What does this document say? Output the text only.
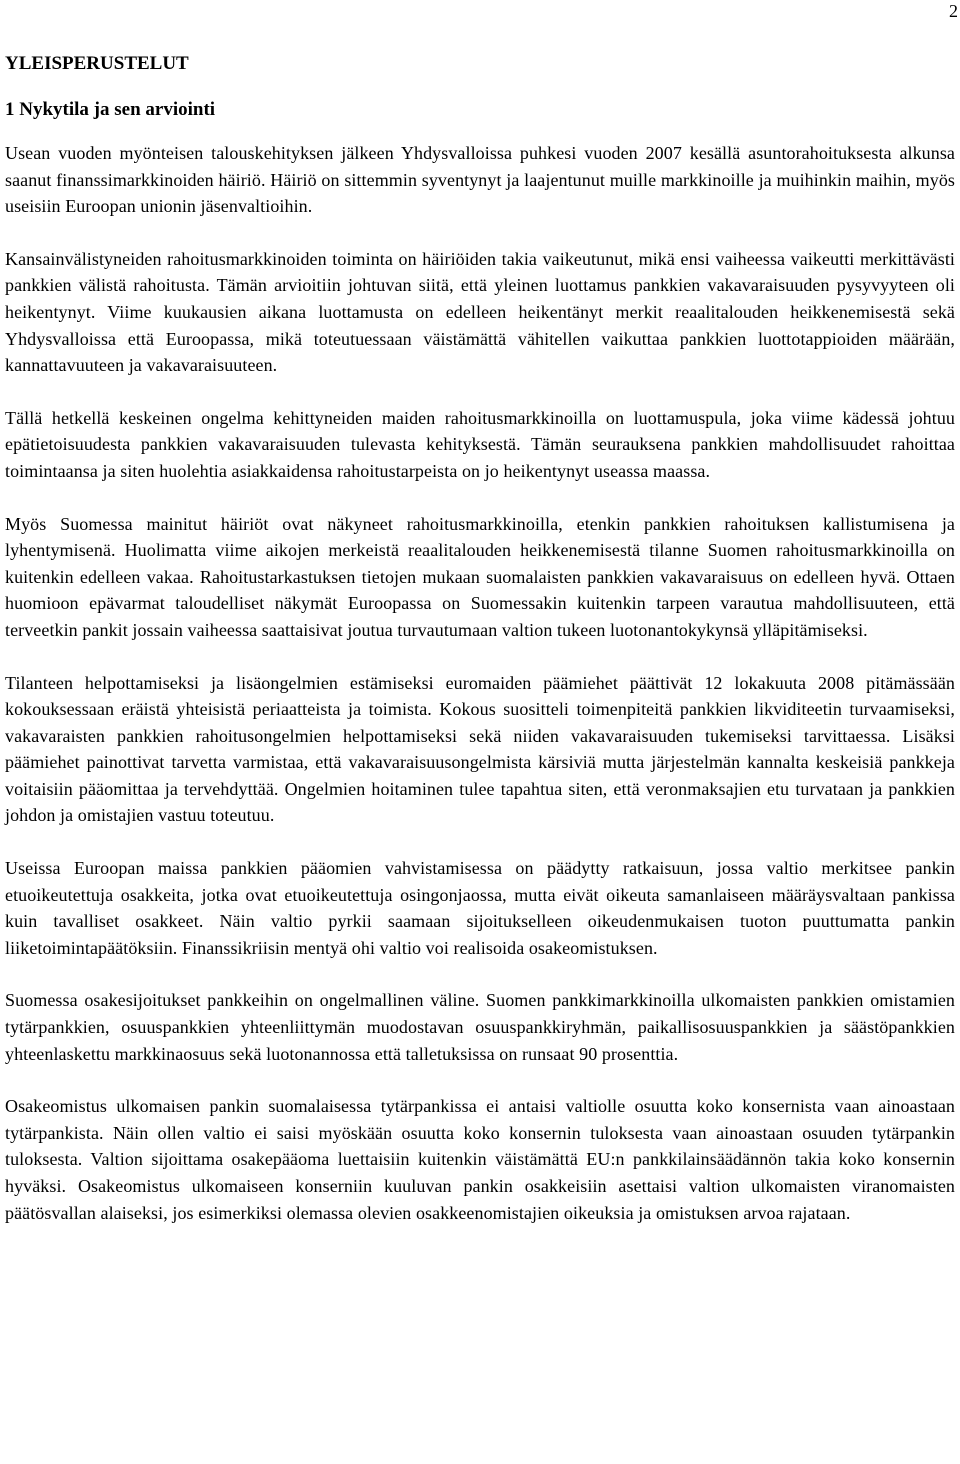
2
YLEISPERUSTELUT
1 Nykytila ja sen arviointi

Usean vuoden myönteisen talouskehityksen jälkeen Yhdysvalloissa puhkesi vuoden 2007 kesällä asuntorahoituksesta alkunsa saanut finanssimarkkinoiden häiriö. Häiriö on sittemmin syventynyt ja laajentunut muille markkinoille ja muihinkin maihin, myös useisiin Euroopan unionin jäsenvaltioihin.

Kansainvälistyneiden rahoitusmarkkinoiden toiminta on häiriöiden takia vaikeutunut, mikä ensi vaiheessa vaikeutti merkittävästi pankkien välistä rahoitusta. Tämän arvioitiin johtuvan siitä, että yleinen luottamus pankkien vakavaraisuuden pysyvyyteen oli heikentynyt. Viime kuukausien aikana luottamusta on edelleen heikentänyt merkit reaalitalouden heikkenemisestä sekä Yhdysvalloissa että Euroopassa, mikä toteutuessaan väistämättä vähitellen vaikuttaa pankkien luottotappioiden määrään, kannattavuuteen ja vakavaraisuuteen.

Tällä hetkellä keskeinen ongelma kehittyneiden maiden rahoitusmarkkinoilla on luottamuspula, joka viime kädessä johtuu epätietoisuudesta pankkien vakavaraisuuden tulevasta kehityksestä. Tämän seurauksena pankkien mahdollisuudet rahoittaa toimintaansa ja siten huolehtia asiakkaidensa rahoitustarpeista on jo heikentynyt useassa maassa.

Myös Suomessa mainitut häiriöt ovat näkyneet rahoitusmarkkinoilla, etenkin pankkien rahoituksen kallistumisena ja lyhentymisenä. Huolimatta viime aikojen merkeistä reaalitalouden heikkenemisestä tilanne Suomen rahoitusmarkkinoilla on kuitenkin edelleen vakaa. Rahoitustarkastuksen tietojen mukaan suomalaisten pankkien vakavaraisuus on edelleen hyvä. Ottaen huomioon epävarmat taloudelliset näkymät Euroopassa on Suomessakin kuitenkin tarpeen varautua mahdollisuuteen, että terveetkin pankit jossain vaiheessa saattaisivat joutua turvautumaan valtion tukeen luotonantokykynsä ylläpitämiseksi.

Tilanteen helpottamiseksi ja lisäongelmien estämiseksi euromaiden päämiehet päättivät 12 lokakuuta 2008 pitämässään kokouksessaan eräistä yhteisistä periaatteista ja toimista. Kokous suositteli toimenpiteitä pankkien likviditeetin turvaamiseksi, vakavaraisten pankkien rahoitusongelmien helpottamiseksi sekä niiden vakavaraisuuden tukemiseksi tarvittaessa. Lisäksi päämiehet painottivat tarvetta varmistaa, että vakavaraisuusongelmista kärsiviä mutta järjestelmän kannalta keskeisiä pankkeja voitaisiin pääomittaa ja tervehdyttää. Ongelmien hoitaminen tulee tapahtua siten, että veronmaksajien etu turvataan ja pankkien johdon ja omistajien vastuu toteutuu.

Useissa Euroopan maissa pankkien pääomien vahvistamisessa on päädytty ratkaisuun, jossa valtio merkitsee pankin etuoikeutettuja osakkeita, jotka ovat etuoikeutettuja osingonjaossa, mutta eivät oikeuta samanlaiseen määräysvaltaan pankissa kuin tavalliset osakkeet. Näin valtio pyrkii saamaan sijoitukselleen oikeudenmukaisen tuoton puuttumatta pankin liiketoimintapäätöksiin. Finanssikriisin mentyä ohi valtio voi realisoida osakeomistuksen.

Suomessa osakesijoitukset pankkeihin on ongelmallinen väline. Suomen pankkimarkkinoilla ulkomaisten pankkien omistamien tytärpankkien, osuuspankkien yhteenliittymän muodostavan osuuspankkiryhmän, paikallisosuuspankkien ja säästöpankkien yhteenlaskettu markkinaosuus sekä luotonannossa että talletuksissa on runsaat 90 prosenttia.

Osakeomistus ulkomaisen pankin suomalaisessa tytärpankissa ei antaisi valtiolle osuutta koko konsernista vaan ainoastaan tytärpankista. Näin ollen valtio ei saisi myöskään osuutta koko konsernin tuloksesta vaan ainoastaan osuuden tytärpankin tuloksesta. Valtion sijoittama osakepääoma luettaisiin kuitenkin väistämättä EU:n pankkilainsäädännön takia koko konsernin hyväksi. Osakeomistus ulkomaiseen konserniin kuuluvan pankin osakkeisiin asettaisi valtion ulkomaisten viranomaisten päätösvallan alaiseksi, jos esimerkiksi olemassa olevien osakkeenomistajien oikeuksia ja omistuksen arvoa rajataan.
